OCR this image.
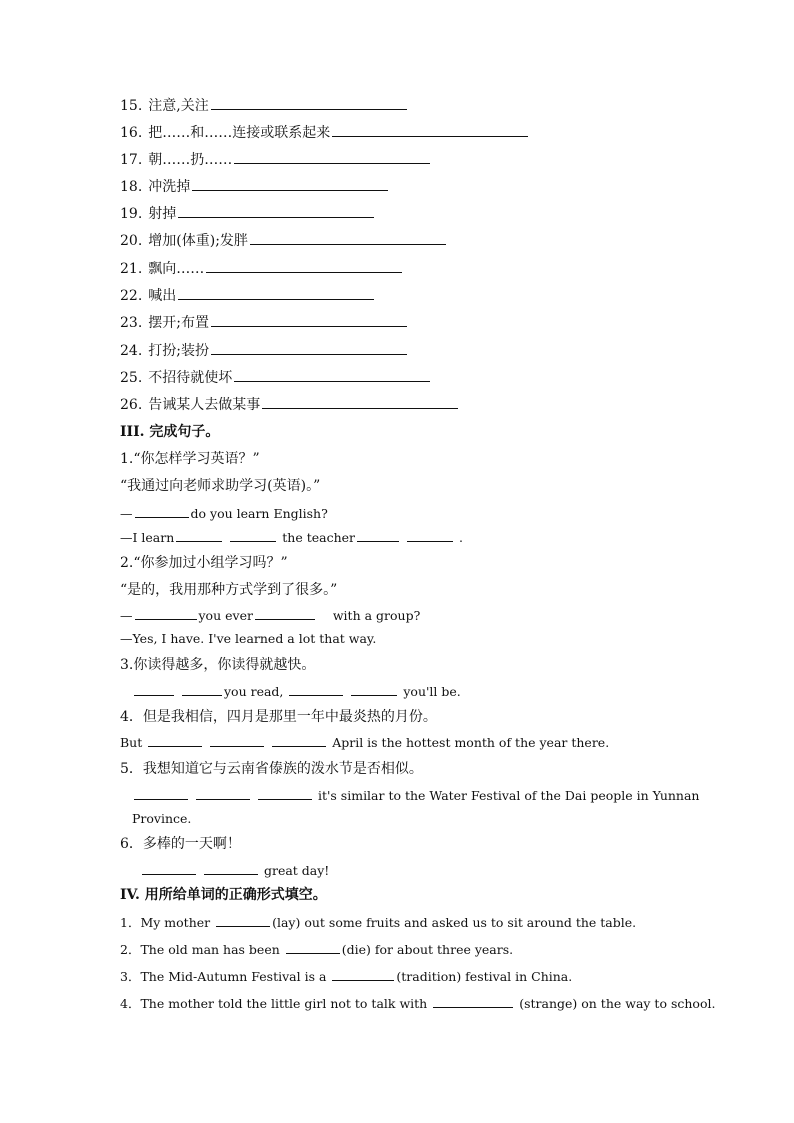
15. 注意,关注
16. 把……和……连接或联系起来
17. 朝……扔……
18. 冲洗掉
19. 射掉
20. 增加(体重);发胖
21. 飘向……
22. 喊出
23. 摆开;布置
24. 打扮;装扮
25. 不招待就使坏
26. 告诫某人去做某事
III. 完成句子。
1.“你怎样学习英语？”
“我通过向老师求助学习(英语)。”
—	do you learn English?
—I learn	the teacher	.
2.“你参加过小组学习吗？”
“是的，我用那种方式学到了很多。”
—	you ever	with a group?
—Yes, I have. I've learned a lot that way.
3.你读得越多，你读得就越快。
you read,	you'll be.
4．但是我相信，四月是那里一年中最炎热的月份。
But	April is the hottest month of the year there.
5．我想知道它与云南省傣族的泼水节是否相似。
it's similar to the Water Festival of the Dai people in Yunnan
Province.
6．多棒的一天啊！
great day!
IV. 用所给单词的正确形式填空。
1．My mother	(lay) out some fruits and asked us to sit around the table.
2．The old man has been	(die) for about three years.
3．The Mid-Autumn Festival is a	(tradition) festival in China.
4．The mother told the little girl not to talk with	(strange) on the way to school.
